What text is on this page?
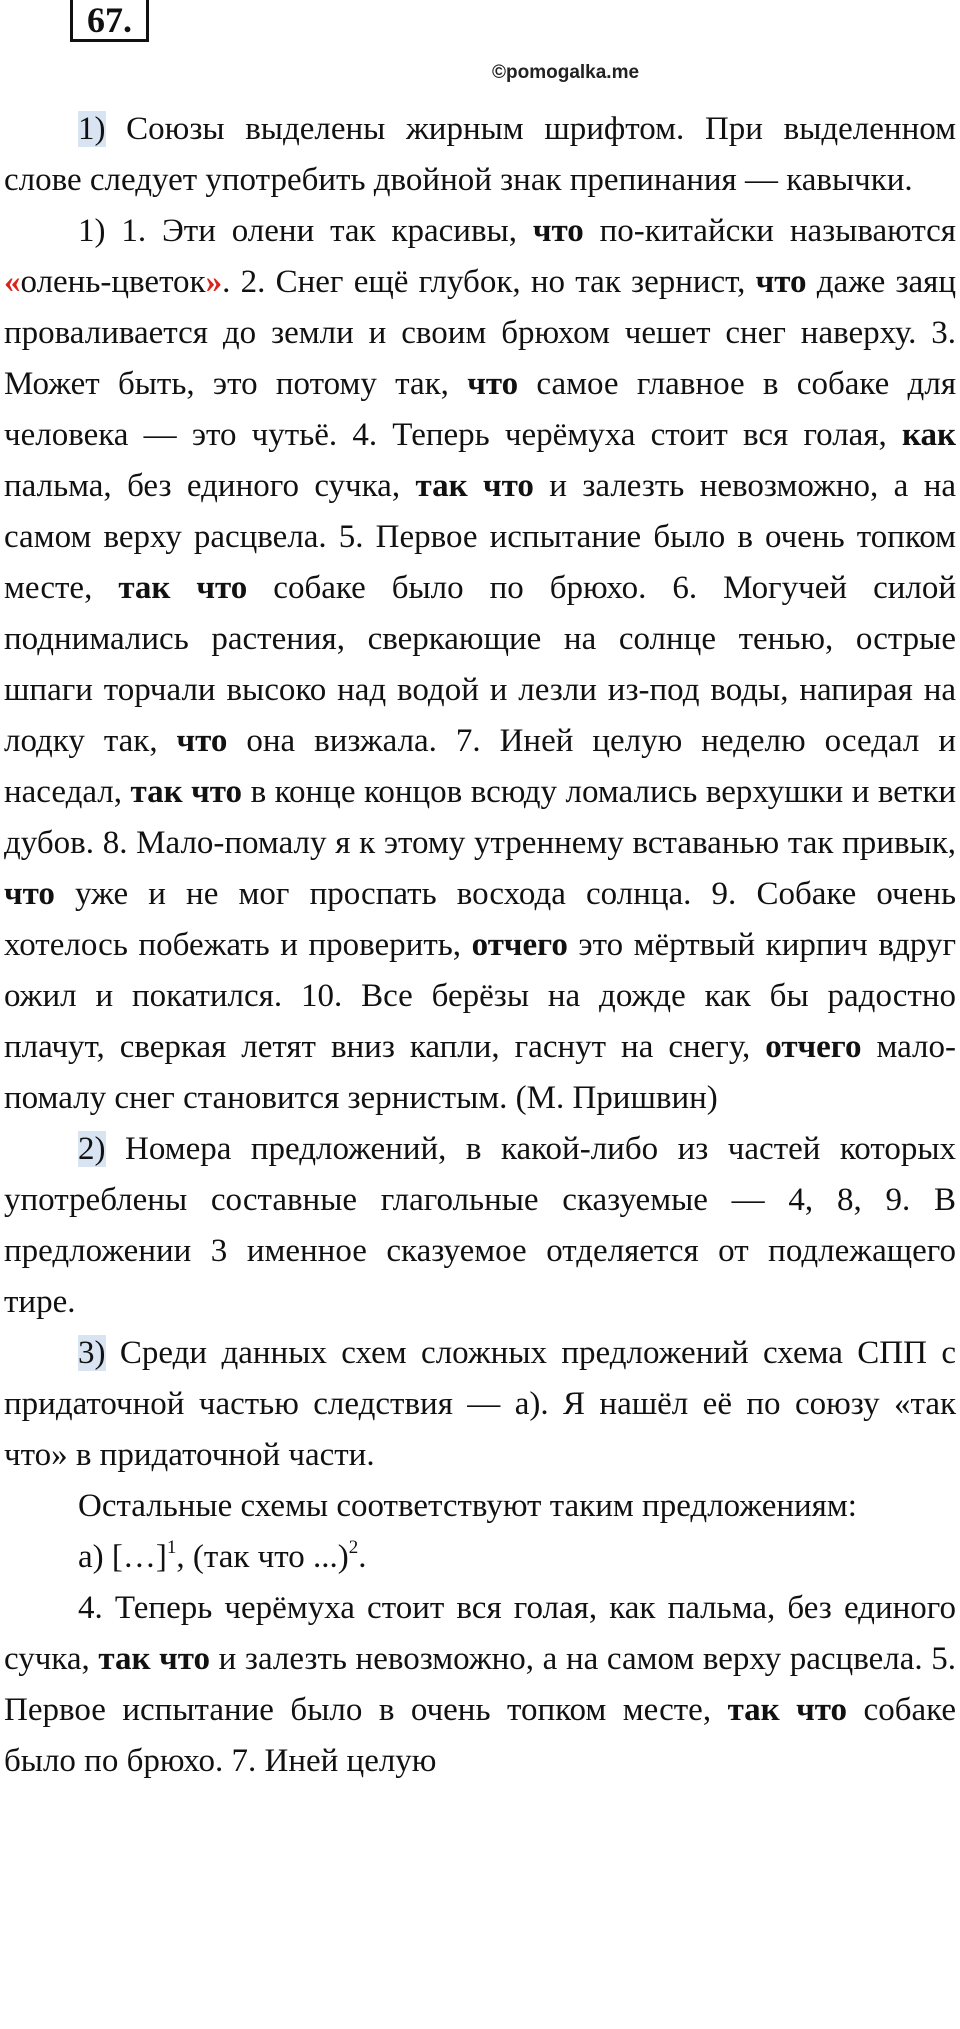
67.
©pomogalka.me

1) Союзы выделены жирным шрифтом. При выделенном слове следует употребить двойной знак препинания — кавычки.

1) 1. Эти олени так красивы, что по-китайски называются «олень-цветок». 2. Снег ещё глубок, но так зернист, что даже заяц проваливается до земли и своим брюхом чешет снег наверху. 3. Может быть, это потому так, что самое главное в собаке для человека — это чутьё. 4. Теперь черёмуха стоит вся голая, как пальма, без единого сучка, так что и залезть невозможно, а на самом верху расцвела. 5. Первое испытание было в очень топком месте, так что собаке было по брюхо. 6. Могучей силой поднимались растения, сверкающие на солнце тенью, острые шпаги торчали высоко над водой и лезли из-под воды, напирая на лодку так, что она визжала. 7. Иней целую неделю оседал и наседал, так что в конце концов всюду ломались верхушки и ветки дубов. 8. Мало-помалу я к этому утреннему вставанью так привык, что уже и не мог проспать восхода солнца. 9. Собаке очень хотелось побежать и проверить, отчего это мёртвый кирпич вдруг ожил и покатился. 10. Все берёзы на дожде как бы радостно плачут, сверкая летят вниз капли, гаснут на снегу, отчего мало-помалу снег становится зернистым. (М. Пришвин)

2) Номера предложений, в какой-либо из частей которых употреблены составные глагольные сказуемые — 4, 8, 9. В предложении 3 именное сказуемое отделяется от подлежащего тире.

3) Среди данных схем сложных предложений схема СПП с придаточной частью следствия — а). Я нашёл её по союзу «так что» в придаточной части.

Остальные схемы соответствуют таким предложениям:

а) […]$^1$, (так что ...)$^2$.

4. Теперь черёмуха стоит вся голая, как пальма, без единого сучка, так что и залезть невозможно, а на самом верху расцвела. 5. Первое испытание было в очень топком месте, так что собаке было по брюхо. 7. Иней целую
